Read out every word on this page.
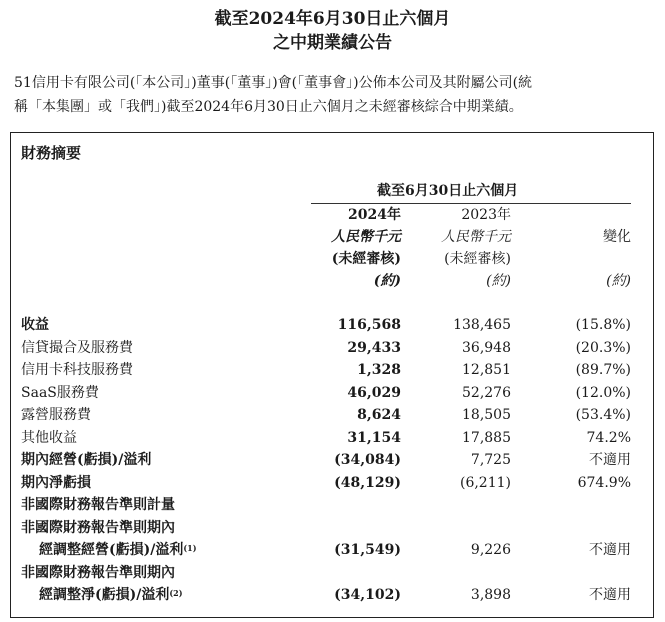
截至2024年6月30日止六個月
之中期業績公告
51信用卡有限公司(「本公司」)董事(「董事」)會(「董事會」)公佈本公司及其附屬公司(統
稱「本集團」或「我們」)截至2024年6月30日止六個月之未經審核綜合中期業績。
財務摘要
截至6月30日止六個月
2024年
人民幣千元
(未經審核)
(約)
2023年
人民幣千元
(未經審核)
(約)
變化
(約)
收益	116,568	138,465	(15.8%)
信貸撮合及服務費	29,433	36,948	(20.3%)
信用卡科技服務費	1,328	12,851	(89.7%)
SaaS服務費	46,029	52,276	(12.0%)
露營服務費	8,624	18,505	(53.4%)
其他收益	31,154	17,885	74.2%
期內經營(虧損)/溢利	(34,084)	7,725	不適用
期內淨虧損	(48,129)	(6,211)	674.9%
非國際財務報告準則計量
非國際財務報告準則期內
經調整經營(虧損)/溢利$^{(1)}$	(31,549)	9,226	不適用
非國際財務報告準則期內
經調整淨(虧損)/溢利$^{(2)}$	(34,102)	3,898	不適用
